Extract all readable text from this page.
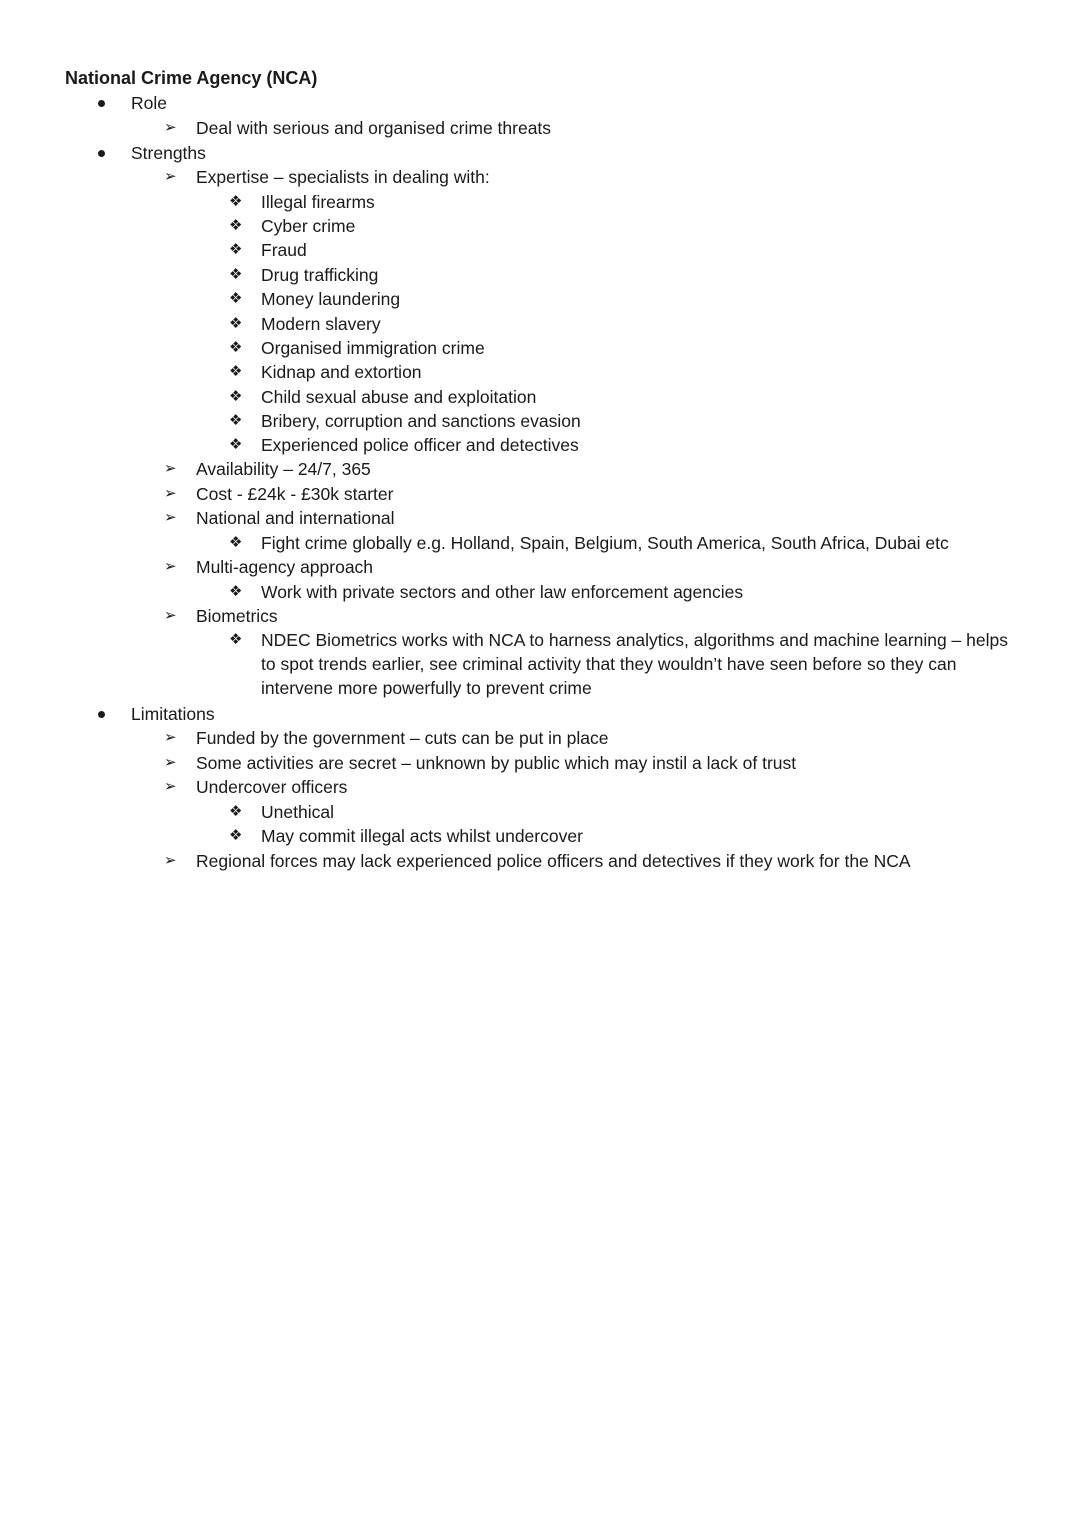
National Crime Agency (NCA)
Role
➢ Deal with serious and organised crime threats
Strengths
➢ Expertise – specialists in dealing with:
❖ Illegal firearms
❖ Cyber crime
❖ Fraud
❖ Drug trafficking
❖ Money laundering
❖ Modern slavery
❖ Organised immigration crime
❖ Kidnap and extortion
❖ Child sexual abuse and exploitation
❖ Bribery, corruption and sanctions evasion
❖ Experienced police officer and detectives
➢ Availability – 24/7, 365
➢ Cost - £24k - £30k starter
➢ National and international
❖ Fight crime globally e.g. Holland, Spain, Belgium, South America, South Africa, Dubai etc
➢ Multi-agency approach
❖ Work with private sectors and other law enforcement agencies
➢ Biometrics
❖ NDEC Biometrics works with NCA to harness analytics, algorithms and machine learning – helps to spot trends earlier, see criminal activity that they wouldn’t have seen before so they can intervene more powerfully to prevent crime
Limitations
➢ Funded by the government – cuts can be put in place
➢ Some activities are secret – unknown by public which may instil a lack of trust
➢ Undercover officers
❖ Unethical
❖ May commit illegal acts whilst undercover
➢ Regional forces may lack experienced police officers and detectives if they work for the NCA
